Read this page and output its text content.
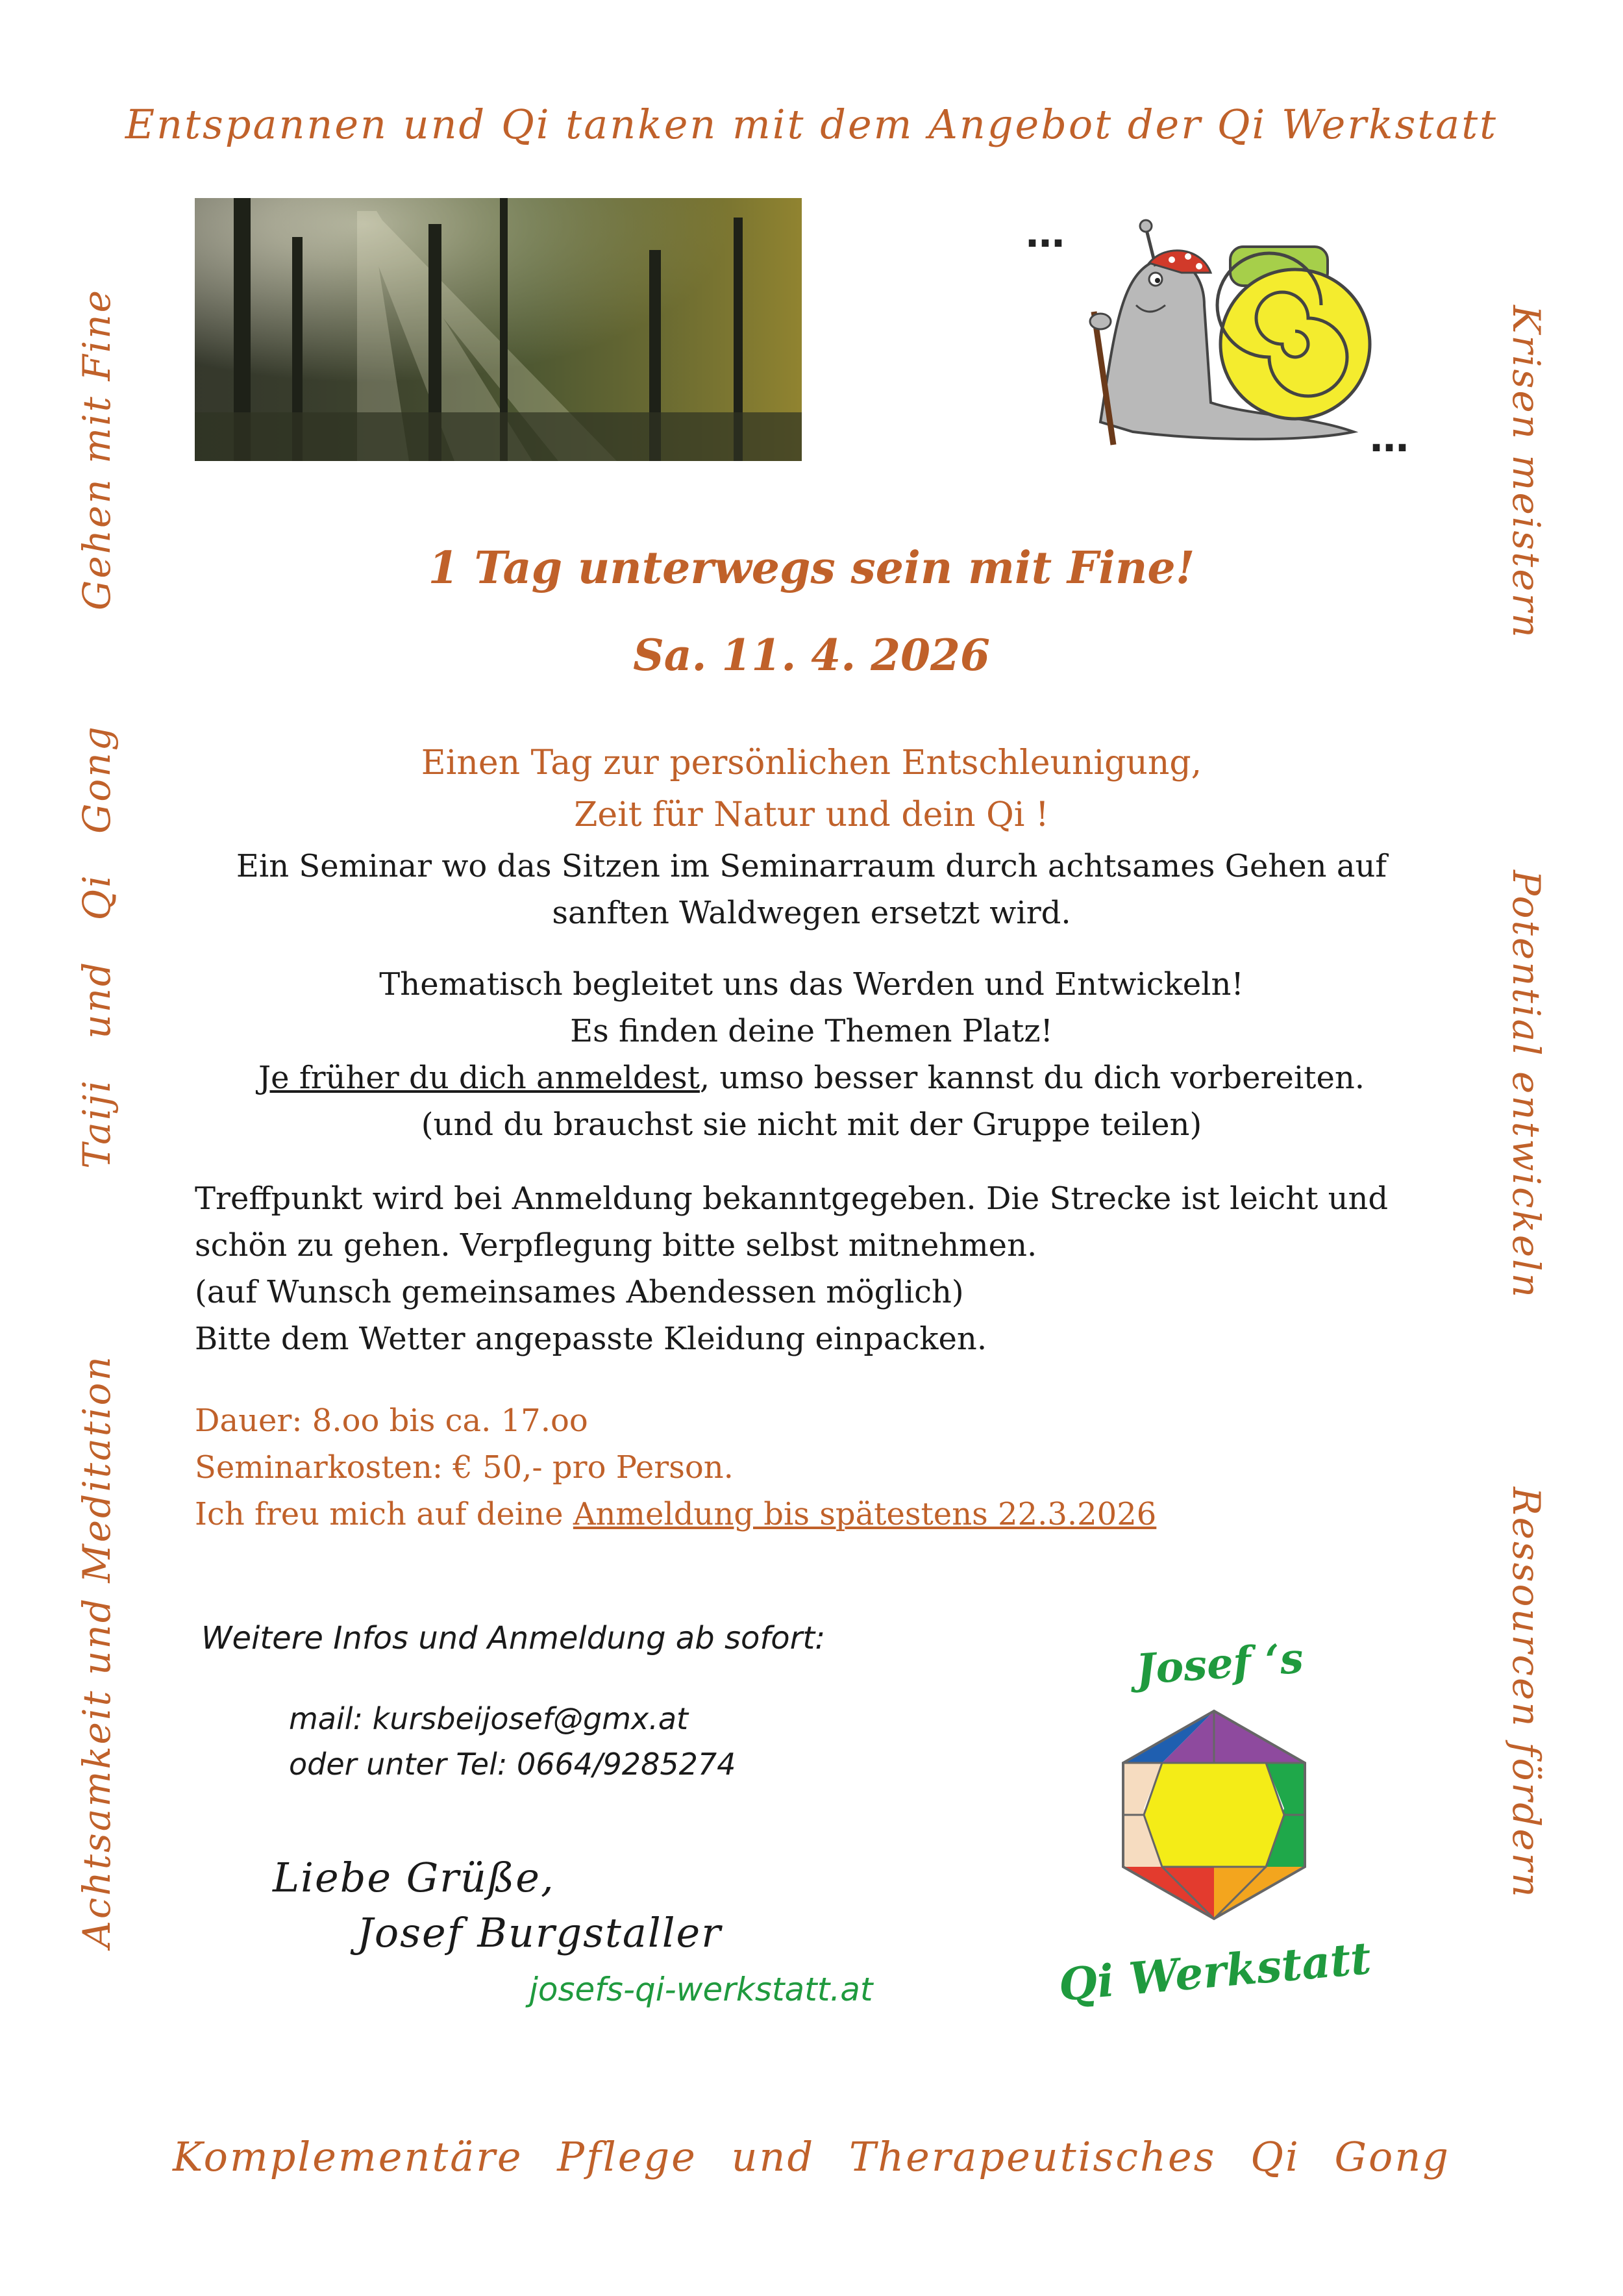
Entspannen und Qi tanken mit dem Angebot der Qi Werkstatt
Gehen mit Fine
Taiji und Qi Gong
Achtsamkeit und Meditation
Krisen meistern
Potential entwickeln
Ressourcen fördern
…
…
1 Tag unterwegs sein mit Fine!
Sa. 11. 4. 2026
Einen Tag zur persönlichen Entschleunigung,
Zeit für Natur und dein Qi !
Ein Seminar wo das Sitzen im Seminarraum durch achtsames Gehen auf
sanften Waldwegen ersetzt wird.
Thematisch begleitet uns das Werden und Entwickeln!
Es finden deine Themen Platz!
Je früher du dich anmeldest, umso besser kannst du dich vorbereiten.
(und du brauchst sie nicht mit der Gruppe teilen)
Treffpunkt wird bei Anmeldung bekanntgegeben. Die Strecke ist leicht und
schön zu gehen. Verpflegung bitte selbst mitnehmen.
(auf Wunsch gemeinsames Abendessen möglich)
Bitte dem Wetter angepasste Kleidung einpacken.
Dauer: 8.oo bis ca. 17.oo
Seminarkosten: € 50,- pro Person.
Ich freu mich auf deine Anmeldung bis spätestens 22.3.2026
Weitere Infos und Anmeldung ab sofort:
mail: kursbeijosef@gmx.at
oder unter Tel: 0664/9285274
Liebe Grüße,
Josef Burgstaller
josefs-qi-werkstatt.at
Josef ‘s
Qi Werkstatt
Komplementäre Pflege und Therapeutisches Qi Gong
